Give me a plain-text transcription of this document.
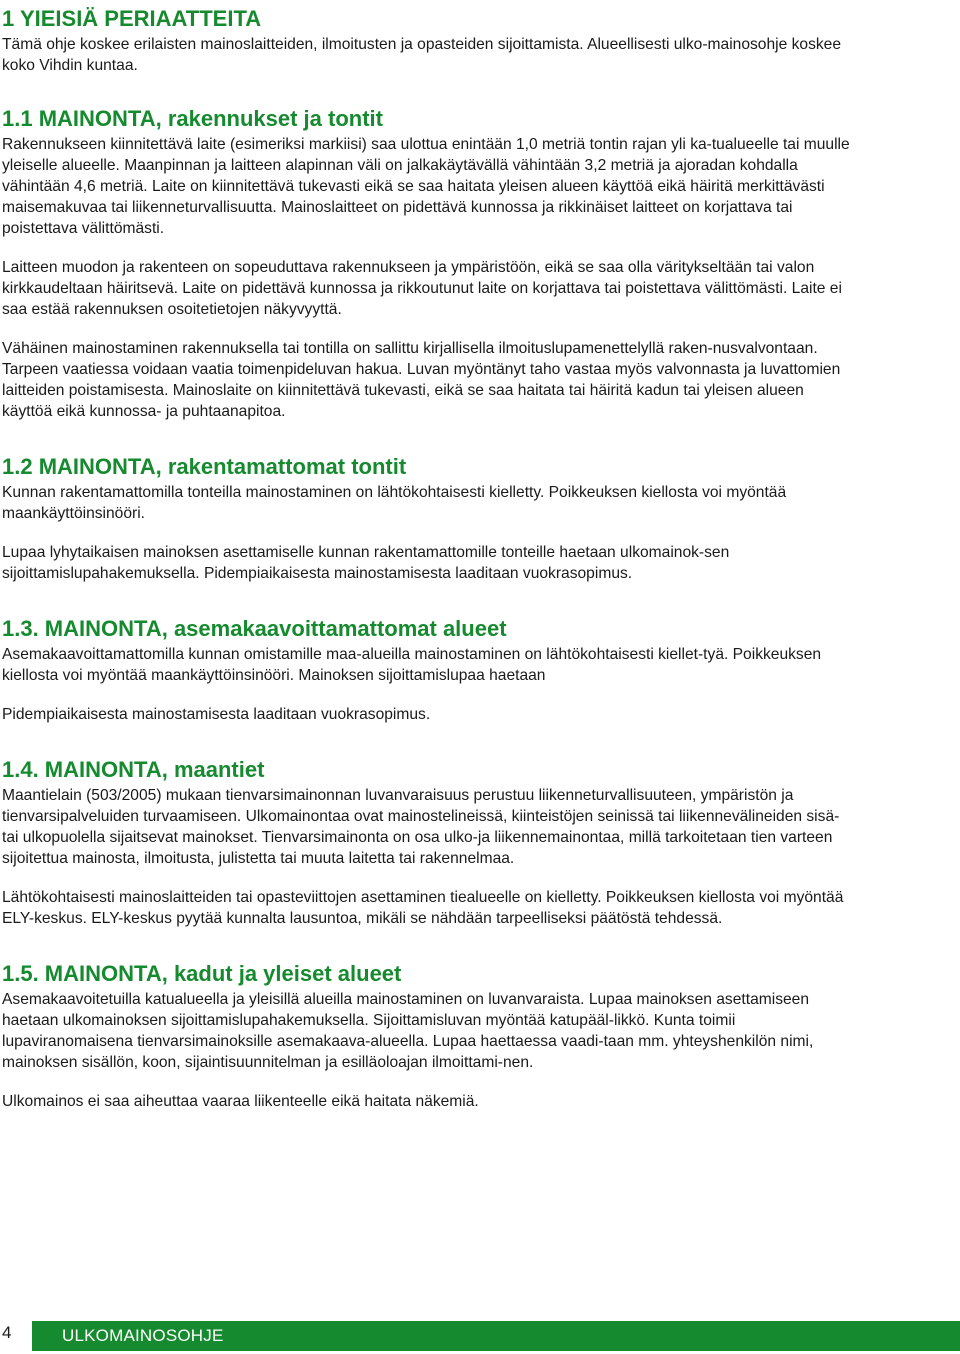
1 YIEISIÄ PERIAATTEITA

Tämä ohje koskee erilaisten mainoslaitteiden, ilmoitusten ja opasteiden sijoittamista. Alueellisesti ulko-mainosohje koskee koko Vihdin kuntaa.

1.1 MAINONTA, rakennukset ja tontit

Rakennukseen kiinnitettävä laite (esimeriksi markiisi) saa ulottua enintään 1,0 metriä tontin rajan yli ka-tualueelle tai muulle yleiselle alueelle. Maanpinnan ja laitteen alapinnan väli on jalkakäytävällä vähintään 3,2 metriä ja ajoradan kohdalla vähintään 4,6 metriä. Laite on kiinnitettävä tukevasti eikä se saa haitata yleisen alueen käyttöä eikä häiritä merkittävästi maisemakuvaa tai liikenneturvallisuutta. Mainoslaitteet on pidettävä kunnossa ja rikkinäiset laitteet on korjattava tai poistettava välittömästi.

Laitteen muodon ja rakenteen on sopeuduttava rakennukseen ja ympäristöön, eikä se saa olla väritykseltään tai valon kirkkaudeltaan häiritsevä. Laite on pidettävä kunnossa ja rikkoutunut laite on korjattava tai poistettava välittömästi. Laite ei saa estää rakennuksen osoitetietojen näkyvyyttä.

Vähäinen mainostaminen rakennuksella tai tontilla on sallittu kirjallisella ilmoituslupamenettelyllä raken-nusvalvontaan. Tarpeen vaatiessa voidaan vaatia toimenpideluvan hakua. Luvan myöntänyt taho vastaa myös valvonnasta ja luvattomien laitteiden poistamisesta. Mainoslaite on kiinnitettävä tukevasti, eikä se saa haitata tai häiritä kadun tai yleisen alueen käyttöä eikä kunnossa- ja puhtaanapitoa.

1.2 MAINONTA, rakentamattomat tontit

Kunnan rakentamattomilla tonteilla mainostaminen on lähtökohtaisesti kielletty. Poikkeuksen kiellosta voi myöntää maankäyttöinsinööri.

Lupaa lyhytaikaisen mainoksen asettamiselle kunnan rakentamattomille tonteille haetaan ulkomainok-sen sijoittamislupahakemuksella. Pidempiaikaisesta mainostamisesta laaditaan vuokrasopimus.

1.3. MAINONTA, asemakaavoittamattomat alueet

Asemakaavoittamattomilla kunnan omistamille maa-alueilla mainostaminen on lähtökohtaisesti kiellet-tyä. Poikkeuksen kiellosta voi myöntää maankäyttöinsinööri. Mainoksen sijoittamislupaa haetaan

Pidempiaikaisesta mainostamisesta laaditaan vuokrasopimus.

1.4. MAINONTA, maantiet

Maantielain (503/2005) mukaan tienvarsimainonnan luvanvaraisuus perustuu liikenneturvallisuuteen, ympäristön ja tienvarsipalveluiden turvaamiseen. Ulkomainontaa ovat mainostelineissä, kiinteistöjen seinissä tai liikennevälineiden sisä- tai ulkopuolella sijaitsevat mainokset. Tienvarsimainonta on osa ulko-ja liikennemainontaa, millä tarkoitetaan tien varteen sijoitettua mainosta, ilmoitusta, julistetta tai muuta laitetta tai rakennelmaa.

Lähtökohtaisesti mainoslaitteiden tai opasteviittojen asettaminen tiealueelle on kielletty. Poikkeuksen kiellosta voi myöntää ELY-keskus. ELY-keskus pyytää kunnalta lausuntoa, mikäli se nähdään tarpeelliseksi päätöstä tehdessä.

1.5. MAINONTA, kadut ja yleiset alueet

Asemakaavoitetuilla katualueella ja yleisillä alueilla mainostaminen on luvanvaraista. Lupaa mainoksen asettamiseen haetaan ulkomainoksen sijoittamislupahakemuksella. Sijoittamisluvan myöntää katupääl-likkö. Kunta toimii lupaviranomaisena tienvarsimainoksille asemakaava-alueella. Lupaa haettaessa vaadi-taan mm. yhteyshenkilön nimi, mainoksen sisällön, koon, sijaintisuunnitelman ja esilläoloajan ilmoittami-nen.

Ulkomainos ei saa aiheuttaa vaaraa liikenteelle eikä haitata näkemiä.

4	ULKOMAINOSOHJE
